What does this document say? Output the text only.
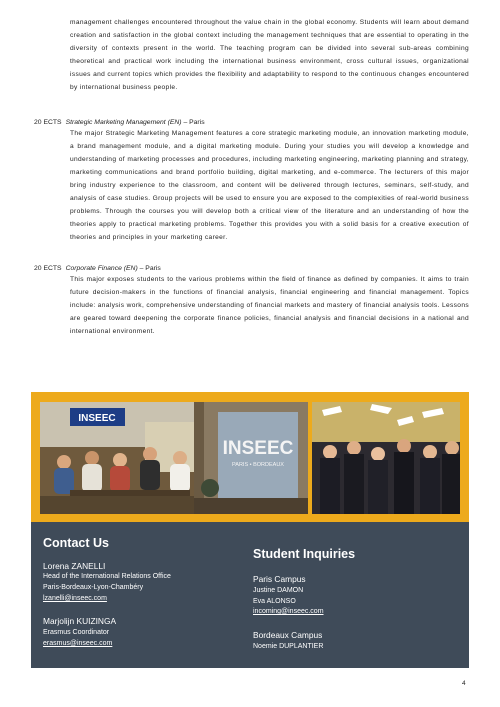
management challenges encountered throughout the value chain in the global economy. Students will learn about demand creation and satisfaction in the global context including the management techniques that are essential to operating in the diversity of contexts present in the world. The teaching program can be divided into several sub-areas combining theoretical and practical work including the international business environment, cross cultural issues, organizational issues and current topics which provides the flexibility and adaptability to respond to the continuous changes encountered by international business people.

20 ECTS Strategic Marketing Management (EN) – Paris

The major Strategic Marketing Management features a core strategic marketing module, an innovation marketing module, a brand management module, and a digital marketing module. During your studies you will develop a knowledge and understanding of marketing processes and procedures, including marketing engineering, marketing planning and strategy, marketing communications and brand portfolio building, digital marketing, and e-commerce. The lecturers of this major bring industry experience to the classroom, and content will be delivered through lectures, seminars, self-study, and analysis of case studies. Group projects will be used to ensure you are exposed to the complexities of real-world business problems. Through the courses you will develop both a critical view of the literature and an understanding of how the theories apply to practical marketing problems. Together this provides you with a solid basis for a creative execution of theories and principles in your marketing career.

20 ECTS Corporate Finance (EN) – Paris

This major exposes students to the various problems within the field of finance as defined by companies. It aims to train future decision-makers in the functions of financial analysis, financial engineering and financial management. Topics include: analysis work, comprehensive understanding of financial markets and mastery of financial analysis tools. Lessons are geared toward deepening the corporate finance policies, financial analysis and financial decisions in a national and international environment.

INSEEC
INSEEC
PARIS • BORDEAUX
Contact Us

Lorena ZANELLI

Head of the International Relations Office

Paris-Bordeaux-Lyon-Chambéry

lzanelli@inseec.com

Marjolijn KUIZINGA

Erasmus Coordinator

erasmus@inseec.com

Student Inquiries

Paris Campus

Justine DAMON

Eva ALONSO

incoming@inseec.com

Bordeaux Campus

Noemie DUPLANTIER

4
